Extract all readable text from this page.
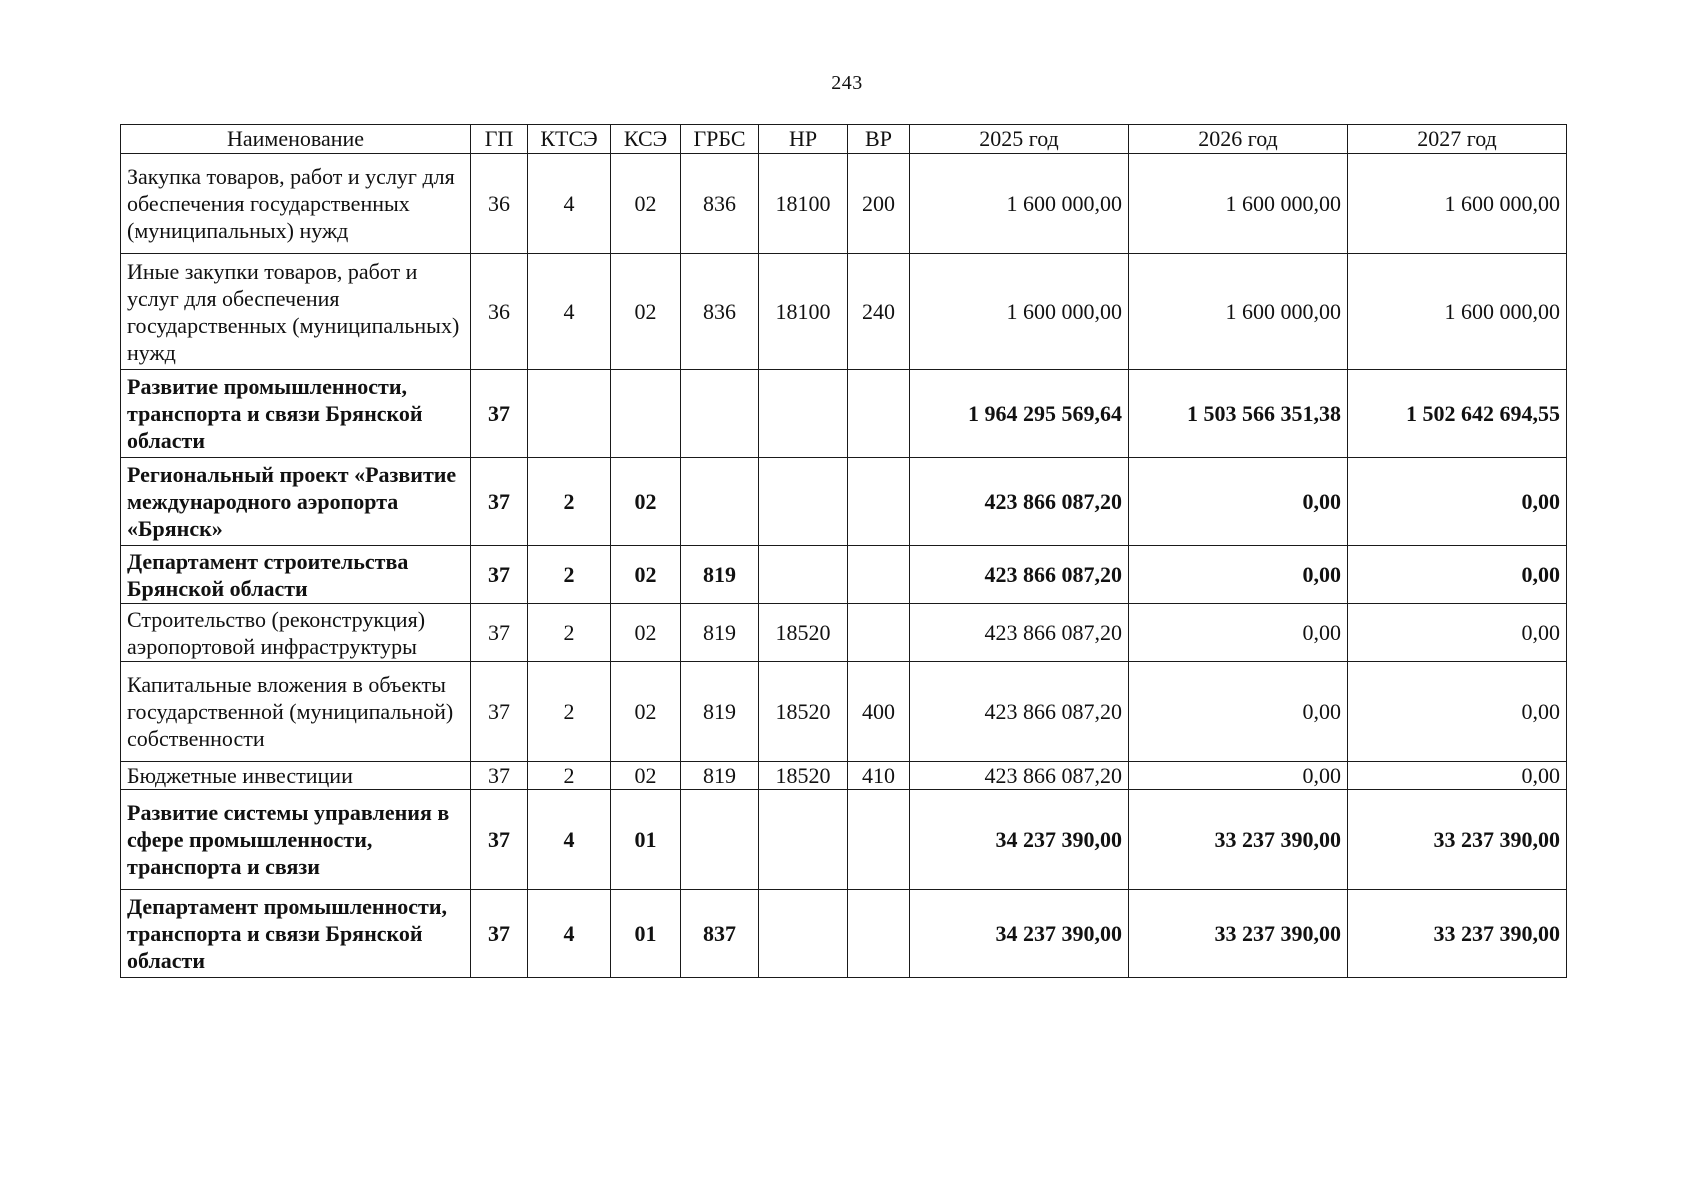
243
Наименование	ГП	КТСЭ	КСЭ	ГРБС	НР	ВР	2025 год	2026 год	2027 год
Закупка товаров, работ и услуг для обеспечения государственных (муниципальных) нужд	36	4	02	836	18100	200	1 600 000,00	1 600 000,00	1 600 000,00
Иные закупки товаров, работ и услуг для обеспечения государственных (муниципальных) нужд	36	4	02	836	18100	240	1 600 000,00	1 600 000,00	1 600 000,00
Развитие промышленности, транспорта и связи Брянской области	37						1 964 295 569,64	1 503 566 351,38	1 502 642 694,55
Региональный проект «Развитие международного аэропорта «Брянск»	37	2	02				423 866 087,20	0,00	0,00
Департамент строительства Брянской области	37	2	02	819			423 866 087,20	0,00	0,00
Строительство (реконструкция) аэропортовой инфраструктуры	37	2	02	819	18520		423 866 087,20	0,00	0,00
Капитальные вложения в объекты государственной (муниципальной) собственности	37	2	02	819	18520	400	423 866 087,20	0,00	0,00
Бюджетные инвестиции	37	2	02	819	18520	410	423 866 087,20	0,00	0,00
Развитие системы управления в сфере промышленности, транспорта и связи	37	4	01				34 237 390,00	33 237 390,00	33 237 390,00
Департамент промышленности, транспорта и связи Брянской области	37	4	01	837			34 237 390,00	33 237 390,00	33 237 390,00
